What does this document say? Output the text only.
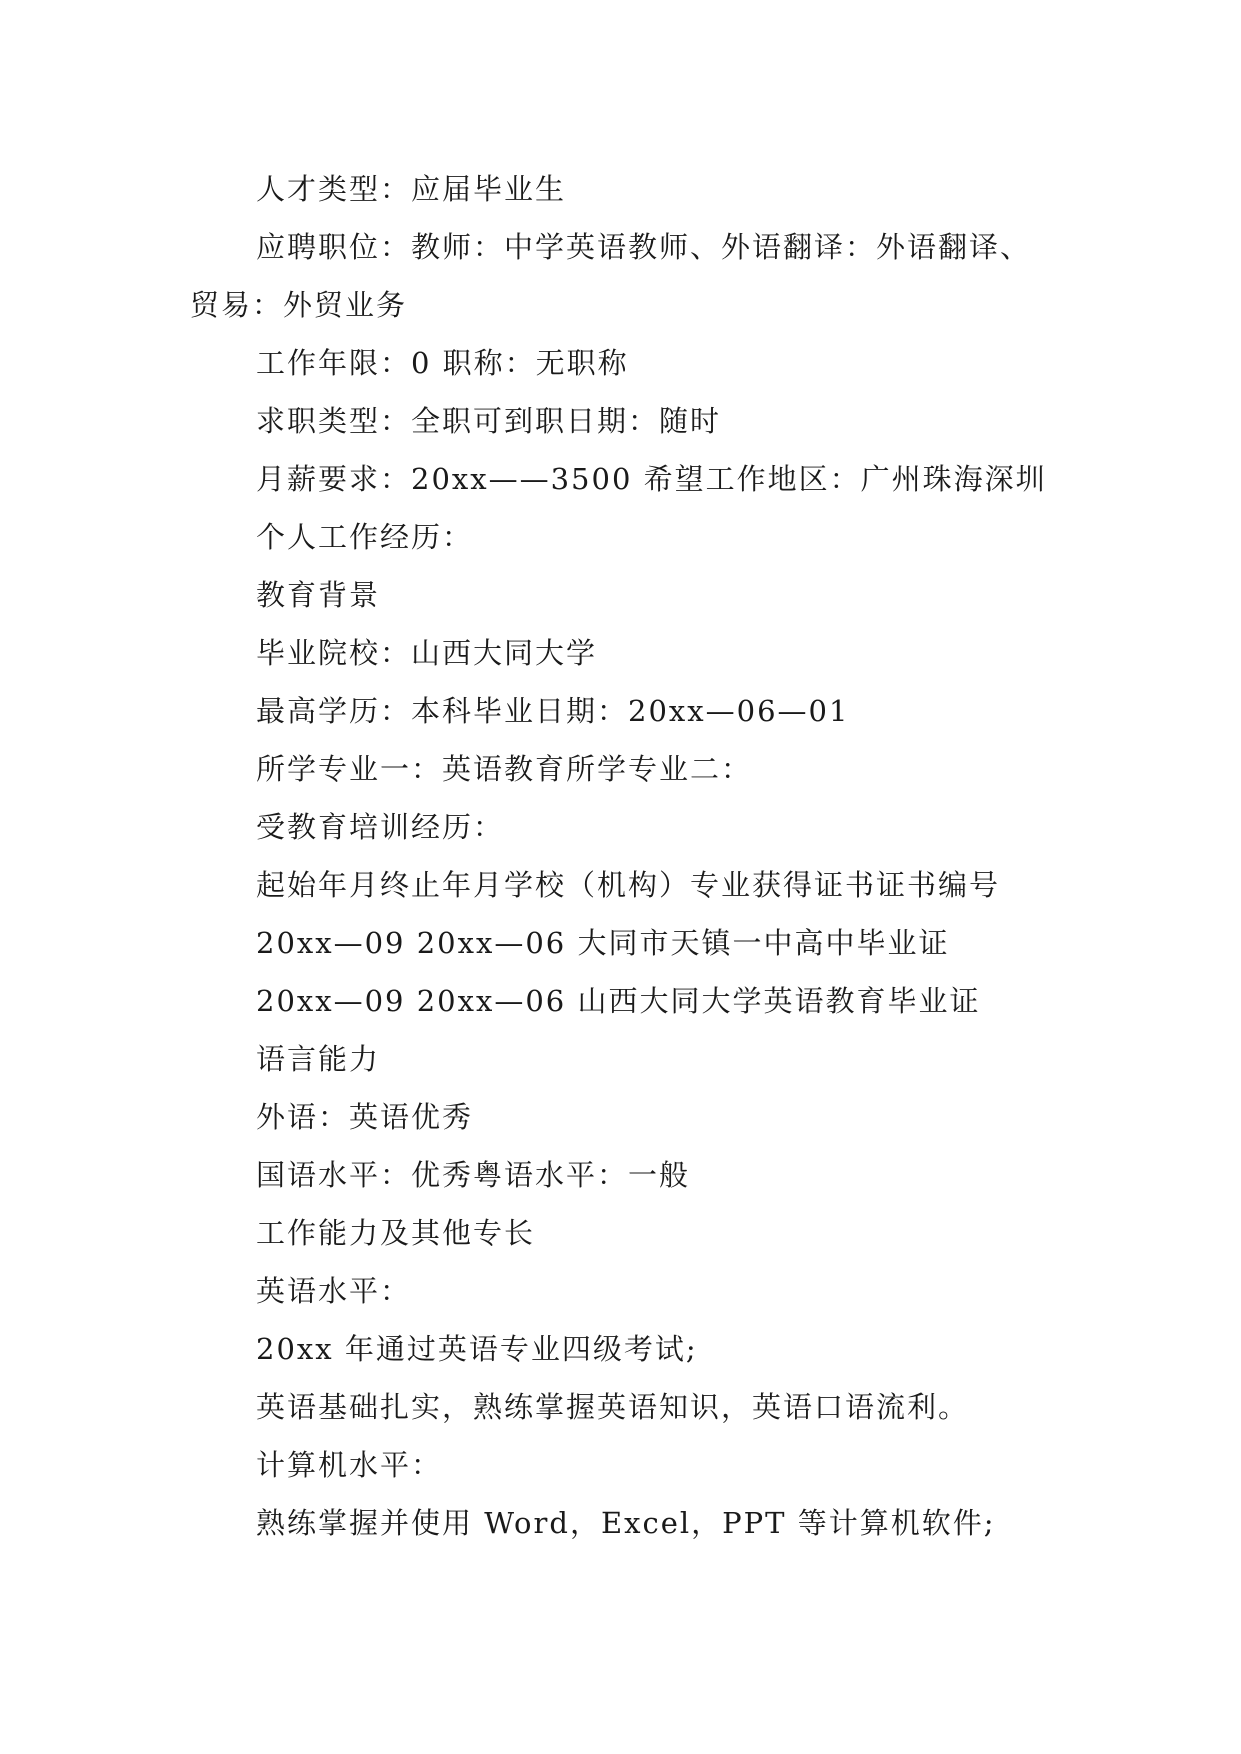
人才类型：应届毕业生
应聘职位：教师：中学英语教师、外语翻译：外语翻译、贸易：外贸业务
工作年限：0 职称：无职称
求职类型：全职可到职日期：随时
月薪要求：20xx——3500 希望工作地区：广州珠海深圳
个人工作经历：
教育背景
毕业院校：山西大同大学
最高学历：本科毕业日期：20xx—06—01
所学专业一：英语教育所学专业二：
受教育培训经历：
起始年月终止年月学校（机构）专业获得证书证书编号
20xx—09 20xx—06 大同市天镇一中高中毕业证
20xx—09 20xx—06 山西大同大学英语教育毕业证
语言能力
外语：英语优秀
国语水平：优秀粤语水平：一般
工作能力及其他专长
英语水平：
20xx 年通过英语专业四级考试;
英语基础扎实，熟练掌握英语知识，英语口语流利。
计算机水平：
熟练掌握并使用 Word，Excel，PPT 等计算机软件;
